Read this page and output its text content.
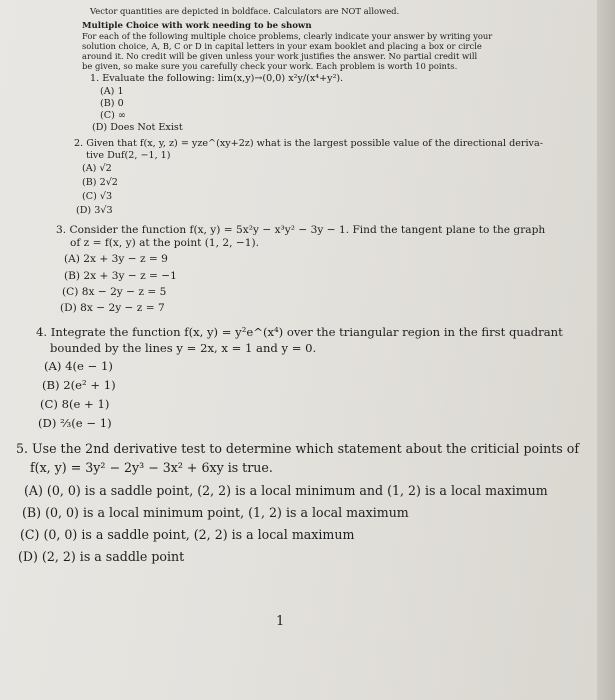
Vector quantities are depicted in boldface. Calculators are NOT allowed.
Multiple Choice with work needing to be shown
For each of the following multiple choice problems, clearly indicate your answer by writing your
solution choice, A, B, C or D in capital letters in your exam booklet and placing a box or circle
around it. No credit will be given unless your work justifies the answer. No partial credit will
be given, so make sure you carefully check your work. Each problem is worth 10 points.
1. Evaluate the following: lim(x,y)→(0,0) x²y/(x⁴+y²).
(A) 1
(B) 0
(C) ∞
(D) Does Not Exist
2. Given that f(x, y, z) = yze^(xy+2z) what is the largest possible value of the directional deriva-
tive Duf(2, −1, 1)
(A) √2
(B) 2√2
(C) √3
(D) 3√3
3. Consider the function f(x, y) = 5x²y − x³y² − 3y − 1. Find the tangent plane to the graph
of z = f(x, y) at the point (1, 2, −1).
(A) 2x + 3y − z = 9
(B) 2x + 3y − z = −1
(C) 8x − 2y − z = 5
(D) 8x − 2y − z = 7
4. Integrate the function f(x, y) = y²e^(x⁴) over the triangular region in the first quadrant
bounded by the lines y = 2x, x = 1 and y = 0.
(A) 4(e − 1)
(B) 2(e² + 1)
(C) 8(e + 1)
(D) ⅔(e − 1)
5. Use the 2nd derivative test to determine which statement about the criticial points of
f(x, y) = 3y² − 2y³ − 3x² + 6xy is true.
(A) (0, 0) is a saddle point, (2, 2) is a local minimum and (1, 2) is a local maximum
(B) (0, 0) is a local minimum point, (1, 2) is a local maximum
(C) (0, 0) is a saddle point, (2, 2) is a local maximum
(D) (2, 2) is a saddle point
1
